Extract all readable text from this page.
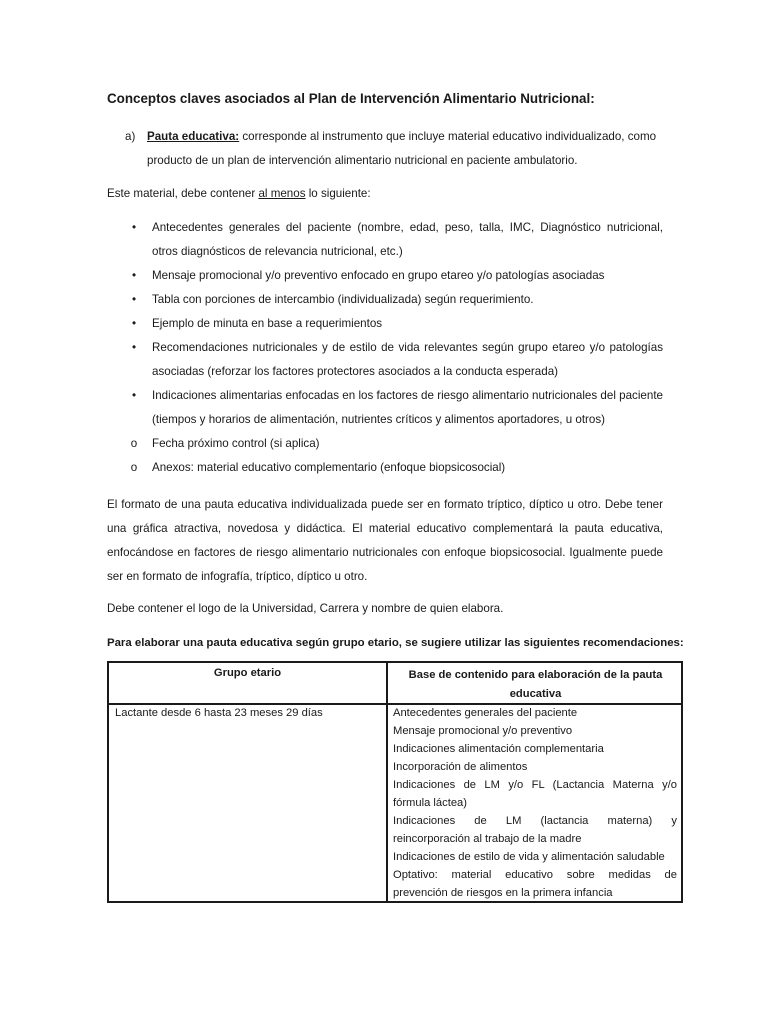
Conceptos claves asociados al Plan de Intervención Alimentario Nutricional:
a) Pauta educativa: corresponde al instrumento que incluye material educativo individualizado, como producto de un plan de intervención alimentario nutricional en paciente ambulatorio.
Este material, debe contener al menos lo siguiente:
• Antecedentes generales del paciente (nombre, edad, peso, talla, IMC, Diagnóstico nutricional, otros diagnósticos de relevancia nutricional, etc.)
• Mensaje promocional y/o preventivo enfocado en grupo etareo y/o patologías asociadas
• Tabla con porciones de intercambio (individualizada) según requerimiento.
• Ejemplo de minuta en base a requerimientos
• Recomendaciones nutricionales y de estilo de vida relevantes según grupo etareo y/o patologías asociadas (reforzar los factores protectores asociados a la conducta esperada)
• Indicaciones alimentarias enfocadas en los factores de riesgo alimentario nutricionales del paciente (tiempos y horarios de alimentación, nutrientes críticos y alimentos aportadores, u otros)
o Fecha próximo control (si aplica)
o Anexos: material educativo complementario (enfoque biopsicosocial)
El formato de una pauta educativa individualizada puede ser en formato tríptico, díptico u otro. Debe tener una gráfica atractiva, novedosa y didáctica. El material educativo complementará la pauta educativa, enfocándose en factores de riesgo alimentario nutricionales con enfoque biopsicosocial. Igualmente puede ser en formato de infografía, tríptico, díptico u otro.
Debe contener el logo de la Universidad, Carrera y nombre de quien elabora.
Para elaborar una pauta educativa según grupo etario, se sugiere utilizar las siguientes recomendaciones:
Grupo etario	Base de contenido para elaboración de la pauta educativa
Lactante desde 6 hasta 23 meses 29 días	Antecedentes generales del paciente
Mensaje promocional y/o preventivo
Indicaciones alimentación complementaria
Incorporación de alimentos
Indicaciones de LM y/o FL (Lactancia Materna y/o
fórmula láctea)
Indicaciones de LM (lactancia materna) y
reincorporación al trabajo de la madre
Indicaciones de estilo de vida y alimentación saludable
Optativo: material educativo sobre medidas de
prevención de riesgos en la primera infancia
